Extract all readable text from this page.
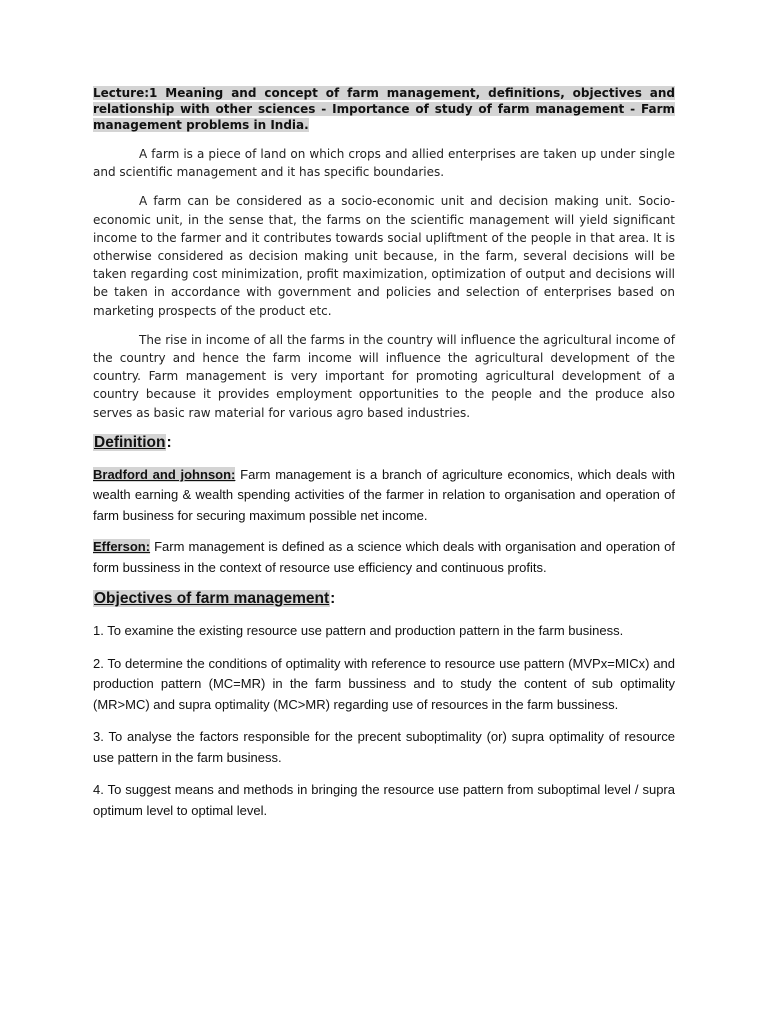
Lecture:1 Meaning and concept of farm management, definitions, objectives and relationship with other sciences - Importance of study of farm management - Farm management problems in India.

A farm is a piece of land on which crops and allied enterprises are taken up under single and scientific management and it has specific boundaries.

A farm can be considered as a socio-economic unit and decision making unit. Socio-economic unit, in the sense that, the farms on the scientific management will yield significant income to the farmer and it contributes towards social upliftment of the people in that area. It is otherwise considered as decision making unit because, in the farm, several decisions will be taken regarding cost minimization, profit maximization, optimization of output and decisions will be taken in accordance with government and policies and selection of enterprises based on marketing prospects of the product etc.

The rise in income of all the farms in the country will influence the agricultural income of the country and hence the farm income will influence the agricultural development of the country. Farm management is very important for promoting agricultural development of a country because it provides employment opportunities to the people and the produce also serves as basic raw material for various agro based industries.

Definition:

Bradford and johnson: Farm management is a branch of agriculture economics, which deals with wealth earning & wealth spending activities of the farmer in relation to organisation and operation of farm business for securing maximum possible net income.

Efferson: Farm management is defined as a science which deals with organisation and operation of form bussiness in the context of resource use efficiency and continuous profits.

Objectives of farm management:

1. To examine the existing resource use pattern and production pattern in the farm business.

2. To determine the conditions of optimality with reference to resource use pattern (MVPx=MICx) and production pattern (MC=MR) in the farm bussiness and to study the content of sub optimality (MR>MC) and supra optimality (MC>MR) regarding use of resources in the farm bussiness.

3. To analyse the factors responsible for the precent suboptimality (or) supra optimality of resource use pattern in the farm business.

4. To suggest means and methods in bringing the resource use pattern from suboptimal level / supra optimum level to optimal level.
